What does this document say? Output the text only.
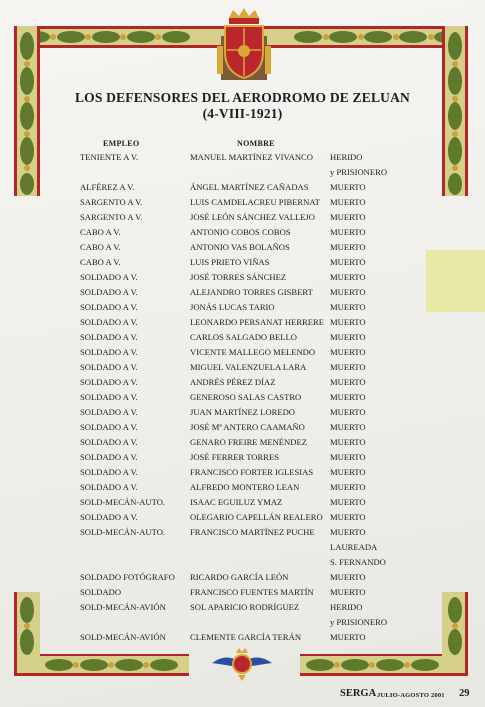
LOS DEFENSORES DEL AERODROMO DE ZELUAN
(4-VIII-1921)
EMPLEO	NOMBRE
TENIENTE A V.	MANUEL MARTÍNEZ VIVANCO HERIDO
y PRISIONERO
ALFÉREZ A V.	ÁNGEL MARTÍNEZ CAÑADAS MUERTO
SARGENTO A V.	LUIS CAMDELACREU PIBERNAT MUERTO
SARGENTO A V.	JOSÉ LEÓN SÁNCHEZ VALLEJO MUERTO
CABO A V.	ANTONIO COBOS COBOS	MUERTO
CABO A V.	ANTONIO VAS BOLAÑOS	MUERTO
CABO A V.	LUIS PRIETO VIÑAS	MUERTO
SOLDADO A V.	JOSÉ TORRES SÁNCHEZ	MUERTO
SOLDADO A V.	ALEJANDRO TORRES GISBERT MUERTO
SOLDADO A V.	JONÁS LUCAS TARIO	MUERTO
SOLDADO A V.	LEONARDO PERSANAT HERRERE MUERTO
SOLDADO A V.	CARLOS SALGADO BELLO	MUERTO
SOLDADO A V.	VICENTE MALLEGO MELENDO MUERTO
SOLDADO A V.	MIGUEL VALENZUELA LARA	MUERTO
SOLDADO A V.	ANDRÉS PÉREZ DÍAZ	MUERTO
SOLDADO A V.	GENEROSO SALAS CASTRO	MUERTO
SOLDADO A V.	JUAN MARTÍNEZ LOREDO	MUERTO
SOLDADO A V.	JOSÉ Mª ANTERO CAAMAÑO	MUERTO
SOLDADO A V.	GENARO FREIRE MENÉNDEZ	MUERTO
SOLDADO A V.	JOSÉ FERRER TORRES	MUERTO
SOLDADO A V.	FRANCISCO FORTER IGLESIAS MUERTO
SOLDADO A V.	ALFREDO MONTERO LEAN	MUERTO
SOLD-MECÁN-AUTO.	ISAAC EGUILUZ YMAZ	MUERTO
SOLDADO A V.	OLEGARIO CAPELLÁN REALERO MUERTO
SOLD-MECÁN-AUTO.	FRANCISCO MARTÍNEZ PUCHE MUERTO
LAUREADA
S. FERNANDO
SOLDADO FOTÓGRAFO RICARDO GARCÍA LEÓN	MUERTO
SOLDADO	FRANCISCO FUENTES MARTÍN MUERTO
SOLD-MECÁN-AVIÓN	SOL APARICIO RODRÍGUEZ	HERIDO
y PRISIONERO
SOLD-MECÁN-AVIÓN	CLEMENTE GARCÍA TERÁN	MUERTO
SERGA JULIO-AGOSTO 2001 29
